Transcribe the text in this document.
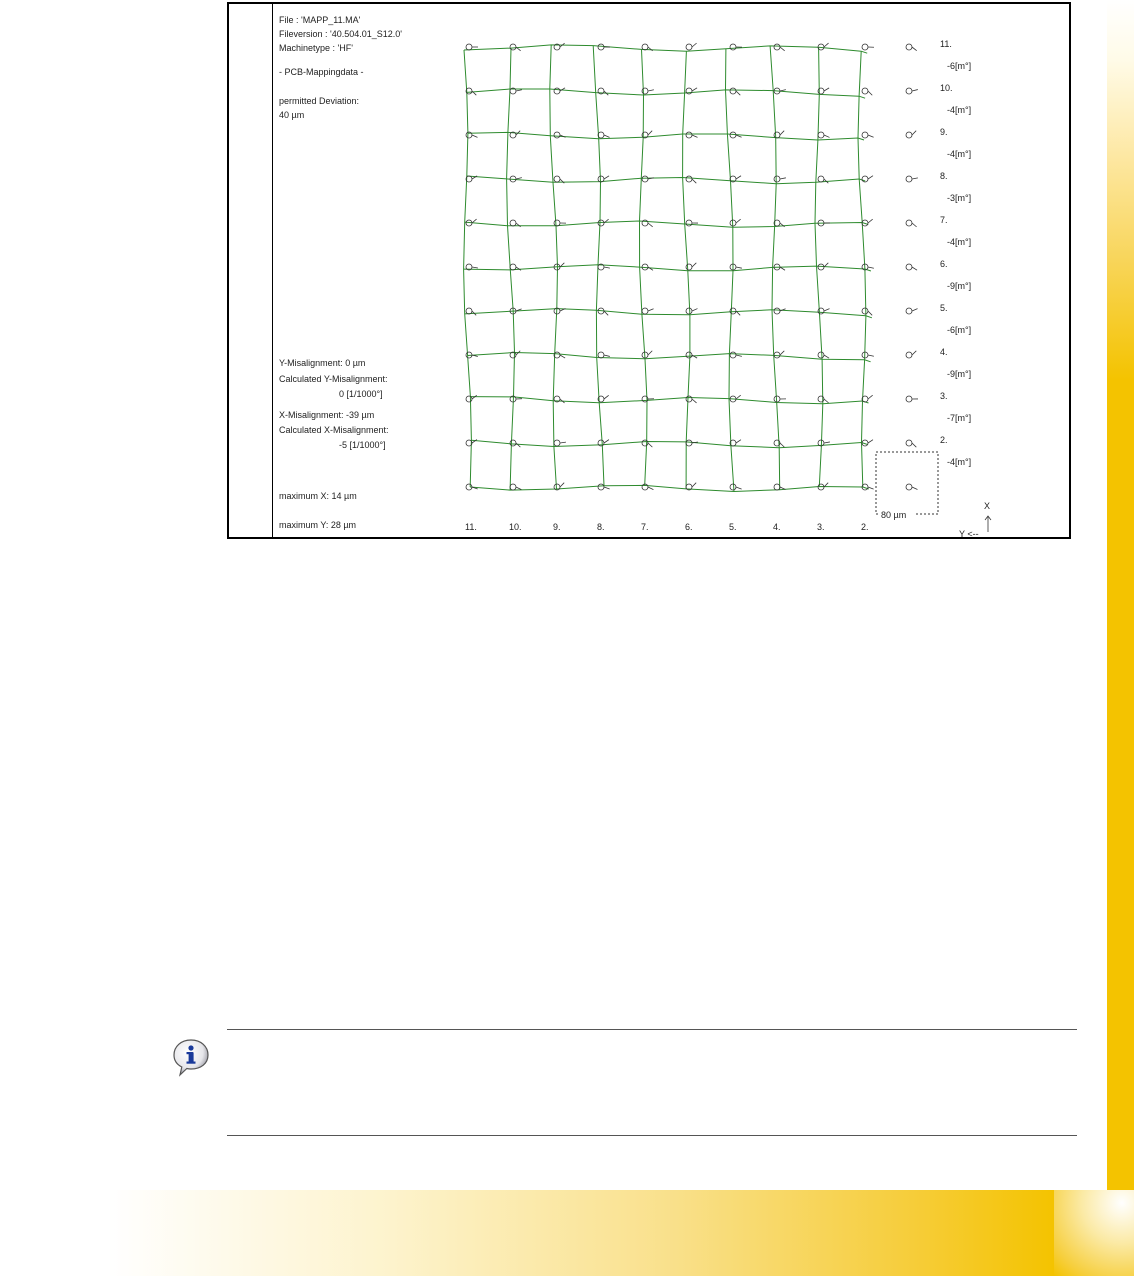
File : 'MAPP_11.MA'
Fileversion : '40.504.01_S12.0'
Machinetype : 'HF'
- PCB-Mappingdata -
permitted Deviation:
40 µm
Y-Misalignment: 0 µm
Calculated Y-Misalignment:
0 [1/1000°]
X-Misalignment: -39 µm
Calculated X-Misalignment:
-5 [1/1000°]
maximum X: 14 µm
maximum Y: 28 µm	11.	10.	9.	8.	7.	6.	5.	4.	3.	2.
11.
-6[m°]
10.
-4[m°]
9.
-4[m°]
8.
-3[m°]
7.
-4[m°]
6.
-9[m°]
5.
-6[m°]
4.
-9[m°]
3.
-7[m°]
2.
-4[m°]
80 µm
X
Y <--
